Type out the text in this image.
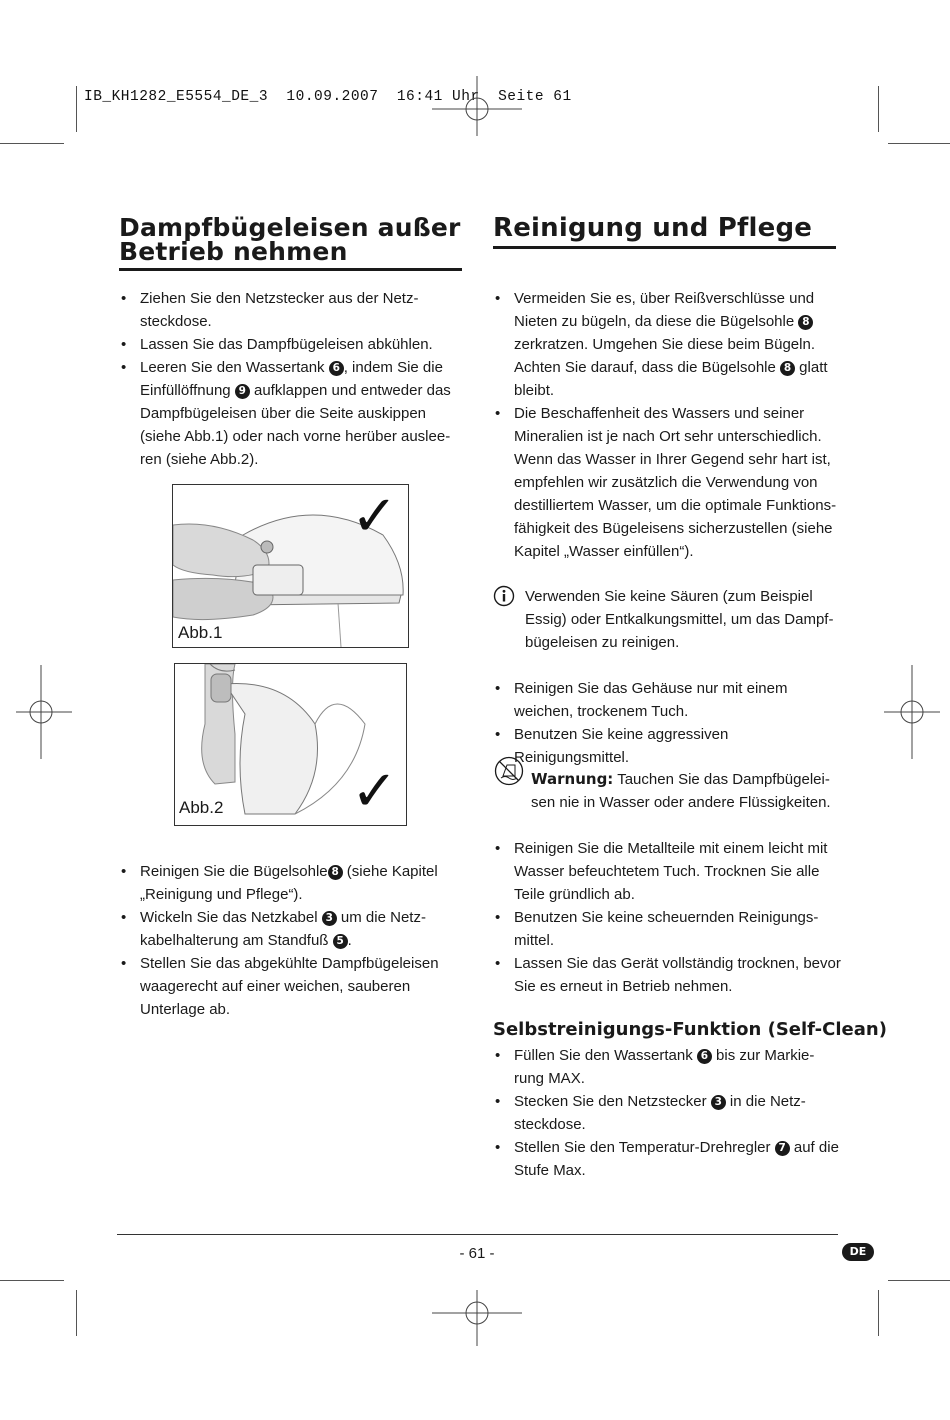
IB_KH1282_E5554_DE_3  10.09.2007  16:41 Uhr  Seite 61
Dampfbügeleisen außer
Betrieb nehmen
• Ziehen Sie den Netzstecker aus der Netz-
steckdose.
• Lassen Sie das Dampfbügeleisen abkühlen.
• Leeren Sie den Wassertank 6 , indem Sie die
Einfüllöffnung 9 aufklappen und entweder das
Dampfbügeleisen über die Seite auskippen
(siehe Abb.1) oder nach vorne herüber auslee-
ren (siehe Abb.2).
✓
Abb.1
✓
Abb.2
• Reinigen Sie die Bügelsohle 8 (siehe Kapitel
„Reinigung und Pflege“).
• Wickeln Sie das Netzkabel 3 um die Netz-
kabelhalterung am Standfuß 5 .
• Stellen Sie das abgekühlte Dampfbügeleisen
waagerecht auf einer weichen, sauberen
Unterlage ab.
Reinigung und Pflege
• Vermeiden Sie es, über Reißverschlüsse und
Nieten zu bügeln, da diese die Bügelsohle 8
zerkratzen. Umgehen Sie diese beim Bügeln.
Achten Sie darauf, dass die Bügelsohle 8 glatt
bleibt.
• Die Beschaffenheit des Wassers und seiner
Mineralien ist je nach Ort sehr unterschiedlich.
Wenn das Wasser in Ihrer Gegend sehr hart ist,
empfehlen wir zusätzlich die Verwendung von
destilliertem Wasser, um die optimale Funktions-
fähigkeit des Bügeleisens sicherzustellen (siehe
Kapitel „Wasser einfüllen“).
Verwenden Sie keine Säuren (zum Beispiel
Essig) oder Entkalkungsmittel, um das Dampf-
bügeleisen zu reinigen.
• Reinigen Sie das Gehäuse nur mit einem
weichen, trockenem Tuch.
• Benutzen Sie keine aggressiven Reinigungsmittel.
Warnung: Tauchen Sie das Dampfbügelei-
sen nie in Wasser oder andere Flüssigkeiten.
• Reinigen Sie die Metallteile mit einem leicht mit
Wasser befeuchtetem Tuch. Trocknen Sie alle
Teile gründlich ab.
• Benutzen Sie keine scheuernden Reinigungs-
mittel.
• Lassen Sie das Gerät vollständig trocknen, bevor
Sie es erneut in Betrieb nehmen.
Selbstreinigungs-Funktion (Self-Clean)
• Füllen Sie den Wassertank 6 bis zur Markie-
rung MAX.
• Stecken Sie den Netzstecker 3 in die Netz-
steckdose.
• Stellen Sie den Temperatur-Drehregler 7 auf die
Stufe Max.
- 61 -	DE
